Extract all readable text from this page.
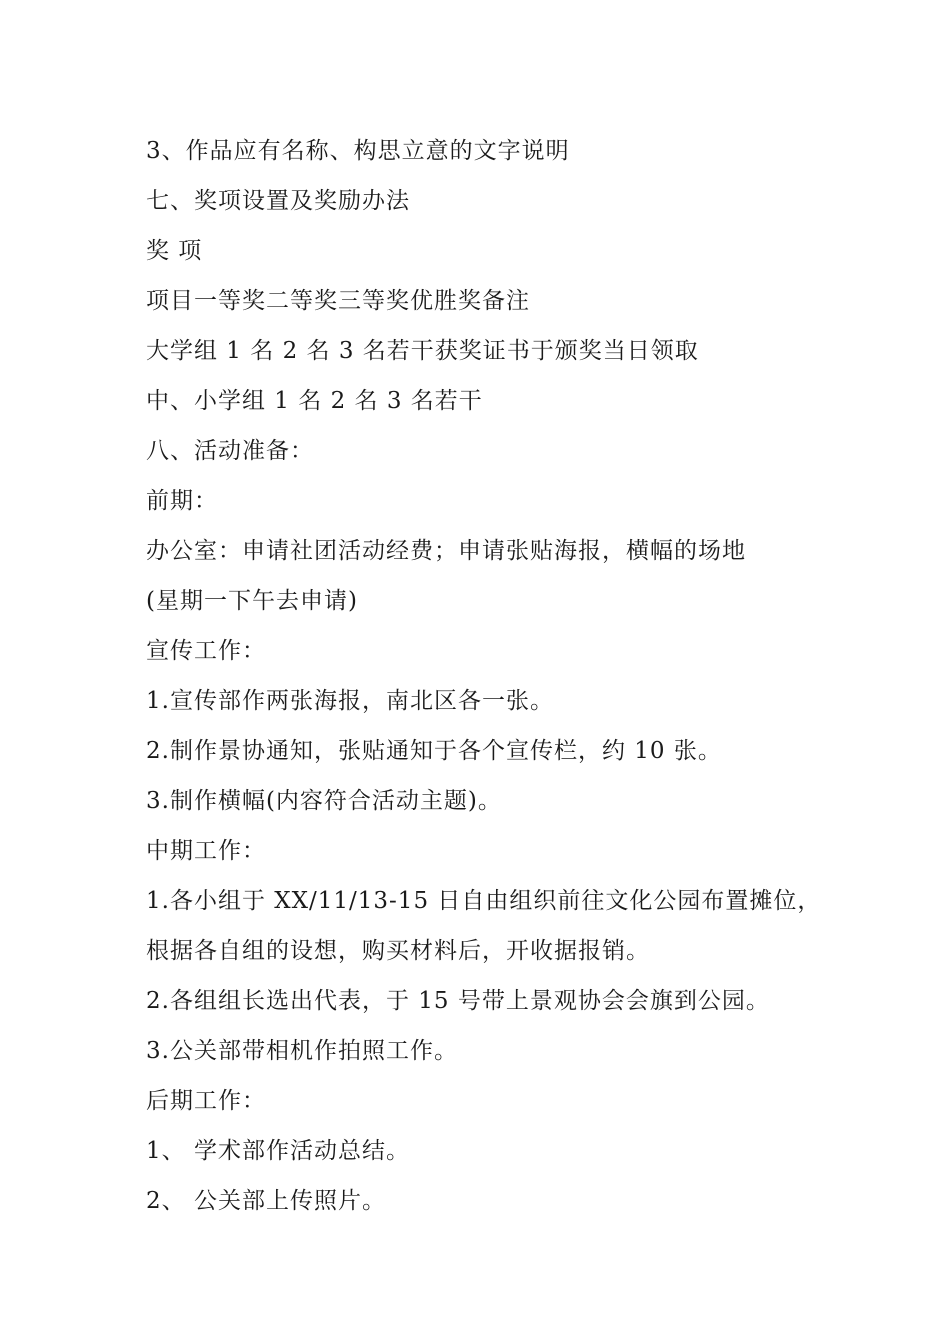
3、作品应有名称、构思立意的文字说明
七、奖项设置及奖励办法
奖 项
项目一等奖二等奖三等奖优胜奖备注
大学组 1 名 2 名 3 名若干获奖证书于颁奖当日领取
中、小学组 1 名 2 名 3 名若干
八、活动准备：
前期：
办公室：申请社团活动经费；申请张贴海报，横幅的场地
(星期一下午去申请)
宣传工作：
1.宣传部作两张海报，南北区各一张。
2.制作景协通知，张贴通知于各个宣传栏，约 10 张。
3.制作横幅(内容符合活动主题)。
中期工作：
1.各小组于 XX/11/13-15 日自由组织前往文化公园布置摊位，
根据各自组的设想，购买材料后，开收据报销。
2.各组组长选出代表，于 15 号带上景观协会会旗到公园。
3.公关部带相机作拍照工作。
后期工作：
1、 学术部作活动总结。
2、 公关部上传照片。
